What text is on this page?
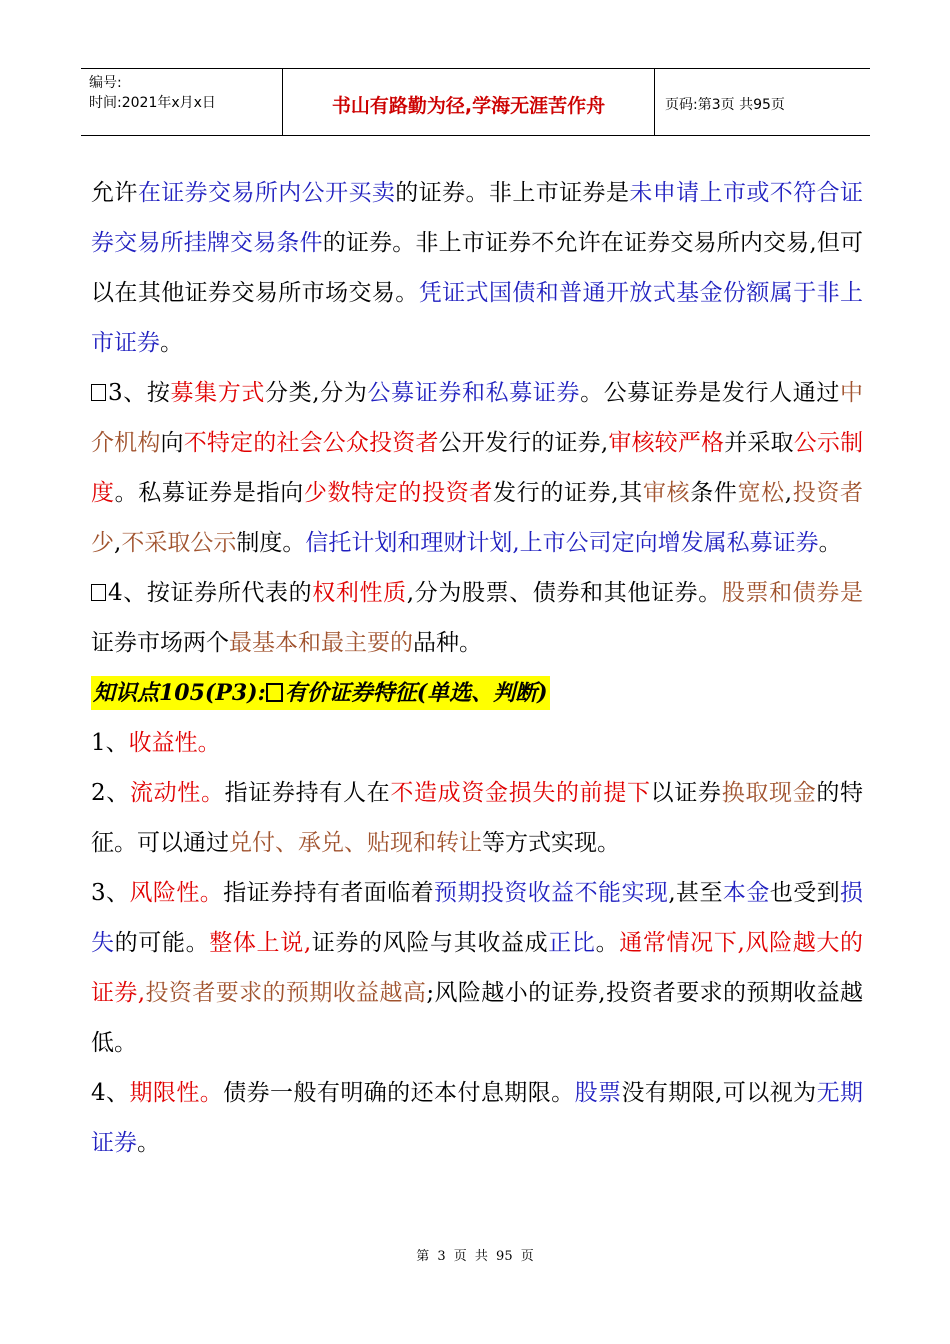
编号:
时间:2021年x月x日	书山有路勤为径,学海无涯苦作舟	页码:第3页 共95页

允许在证券交易所内公开买卖的证券。非上市证券是未申请上市或不符合证券交易所挂牌交易条件的证券。非上市证券不允许在证券交易所内交易,但可以在其他证券交易所市场交易。凭证式国债和普通开放式基金份额属于非上市证券。

3、按募集方式分类,分为公募证券和私募证券。公募证券是发行人通过中介机构向不特定的社会公众投资者公开发行的证券,审核较严格并采取公示制度。私募证券是指向少数特定的投资者发行的证券,其审核条件宽松,投资者少,不采取公示制度。信托计划和理财计划,上市公司定向增发属私募证券。

4、按证券所代表的权利性质,分为股票、债券和其他证券。股票和债券是证券市场两个最基本和最主要的品种。

知识点105(P3): 有价证券特征(单选、判断)

1、收益性。

2、流动性。指证券持有人在不造成资金损失的前提下以证券换取现金的特征。可以通过兑付、承兑、贴现和转让等方式实现。

3、风险性。指证券持有者面临着预期投资收益不能实现,甚至本金也受到损失的可能。整体上说,证券的风险与其收益成正比。通常情况下,风险越大的证券,投资者要求的预期收益越高;风险越小的证券,投资者要求的预期收益越低。

4、期限性。债券一般有明确的还本付息期限。股票没有期限,可以视为无期证券。

第 3 页 共 95 页
